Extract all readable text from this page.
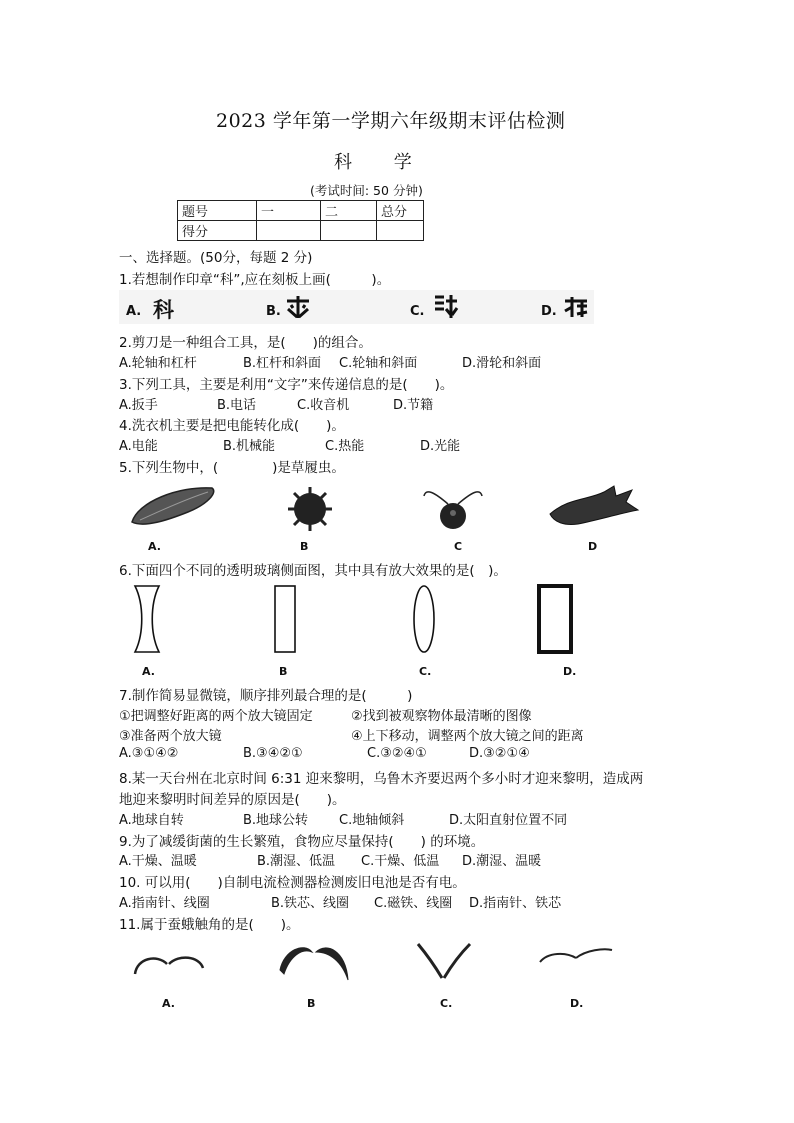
2023 学年第一学期六年级期末评估检测
科 学
(考试时间: 50 分钟)
题号	一	二	总分
得分			
一、选择题。(50分，每题 2 分)
1.若想制作印章“科”,应在刻板上画(　　　)。
A. 科	B.	C.	D.
2.剪刀是一种组合工具，是(　　)的组合。
A.轮轴和杠杆	B.杠杆和斜面 C.轮轴和斜面	D.滑轮和斜面
3.下列工具，主要是利用“文字”来传递信息的是(　　)。
A.扳手	B.电话	C.收音机	D.节籍
4.洗衣机主要是把电能转化成(　　)。
A.电能	B.机械能	C.热能	D.光能
5.下列生物中，(　　　　)是草履虫。
A.	B	C	D
6.下面四个不同的透明玻璃侧面图，其中具有放大效果的是(　)。
A.	B	C.	D.
7.制作简易显微镜，顺序排列最合理的是(　　　)
①把调整好距离的两个放大镜固定	②找到被观察物体最清晰的图像
③准备两个放大镜	④上下移动，调整两个放大镜之间的距离
A.③①④②	B.③④②①	C.③②④①	D.③②①④
8.某一天台州在北京时间 6:31 迎来黎明，乌鲁木齐要迟两个多小时才迎来黎明，造成两
地迎来黎明时间差异的原因是(　　)。
A.地球自转	B.地球公转 C.地轴倾斜	D.太阳直射位置不同
9.为了减缓街菌的生长繁殖，食物应尽量保持(　　) 的环境。
A.干燥、温暖	B.潮湿、低温 C.干燥、低温 D.潮湿、温暖
10. 可以用(　　)自制电流检测器检测废旧电池是否有电。
A.指南针、线圈	B.铁芯、线圈 C.磁铁、线圈 D.指南针、铁芯
11.属于蚕蛾触角的是(　　)。
A.	B	C.	D.
